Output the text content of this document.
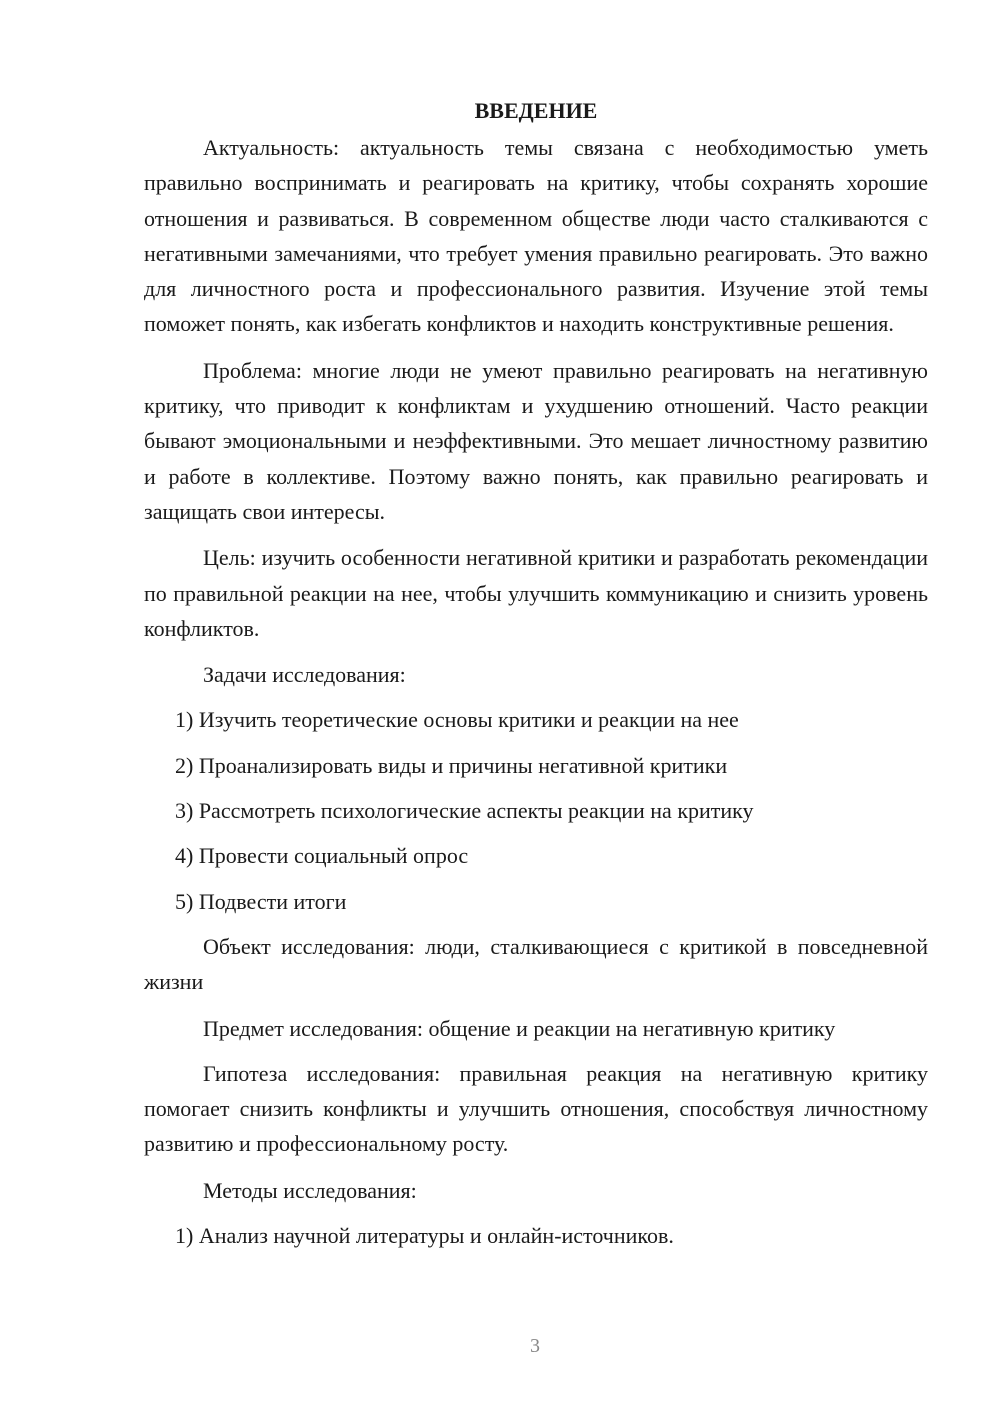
ВВЕДЕНИЕ

Актуальность: актуальность темы связана с необходимостью уметь правильно воспринимать и реагировать на критику, чтобы сохранять хорошие отношения и развиваться. В современном обществе люди часто сталкиваются с негативными замечаниями, что требует умения правильно реагировать. Это важно для личностного роста и профессионального развития. Изучение этой темы поможет понять, как избегать конфликтов и находить конструктивные решения.

Проблема: многие люди не умеют правильно реагировать на негативную критику, что приводит к конфликтам и ухудшению отношений. Часто реакции бывают эмоциональными и неэффективными. Это мешает личностному развитию и работе в коллективе. Поэтому важно понять, как правильно реагировать и защищать свои интересы.

Цель: изучить особенности негативной критики и разработать рекомендации по правильной реакции на нее, чтобы улучшить коммуникацию и снизить уровень конфликтов.

Задачи исследования:

1) Изучить теоретические основы критики и реакции на нее
2) Проанализировать виды и причины негативной критики
3) Рассмотреть психологические аспекты реакции на критику
4) Провести социальный опрос
5) Подвести итоги

Объект исследования: люди, сталкивающиеся с критикой в повседневной жизни

Предмет исследования: общение и реакции на негативную критику

Гипотеза исследования: правильная реакция на негативную критику помогает снизить конфликты и улучшить отношения, способствуя личностному развитию и профессиональному росту.

Методы исследования:

1) Анализ научной литературы и онлайн-источников.
3
